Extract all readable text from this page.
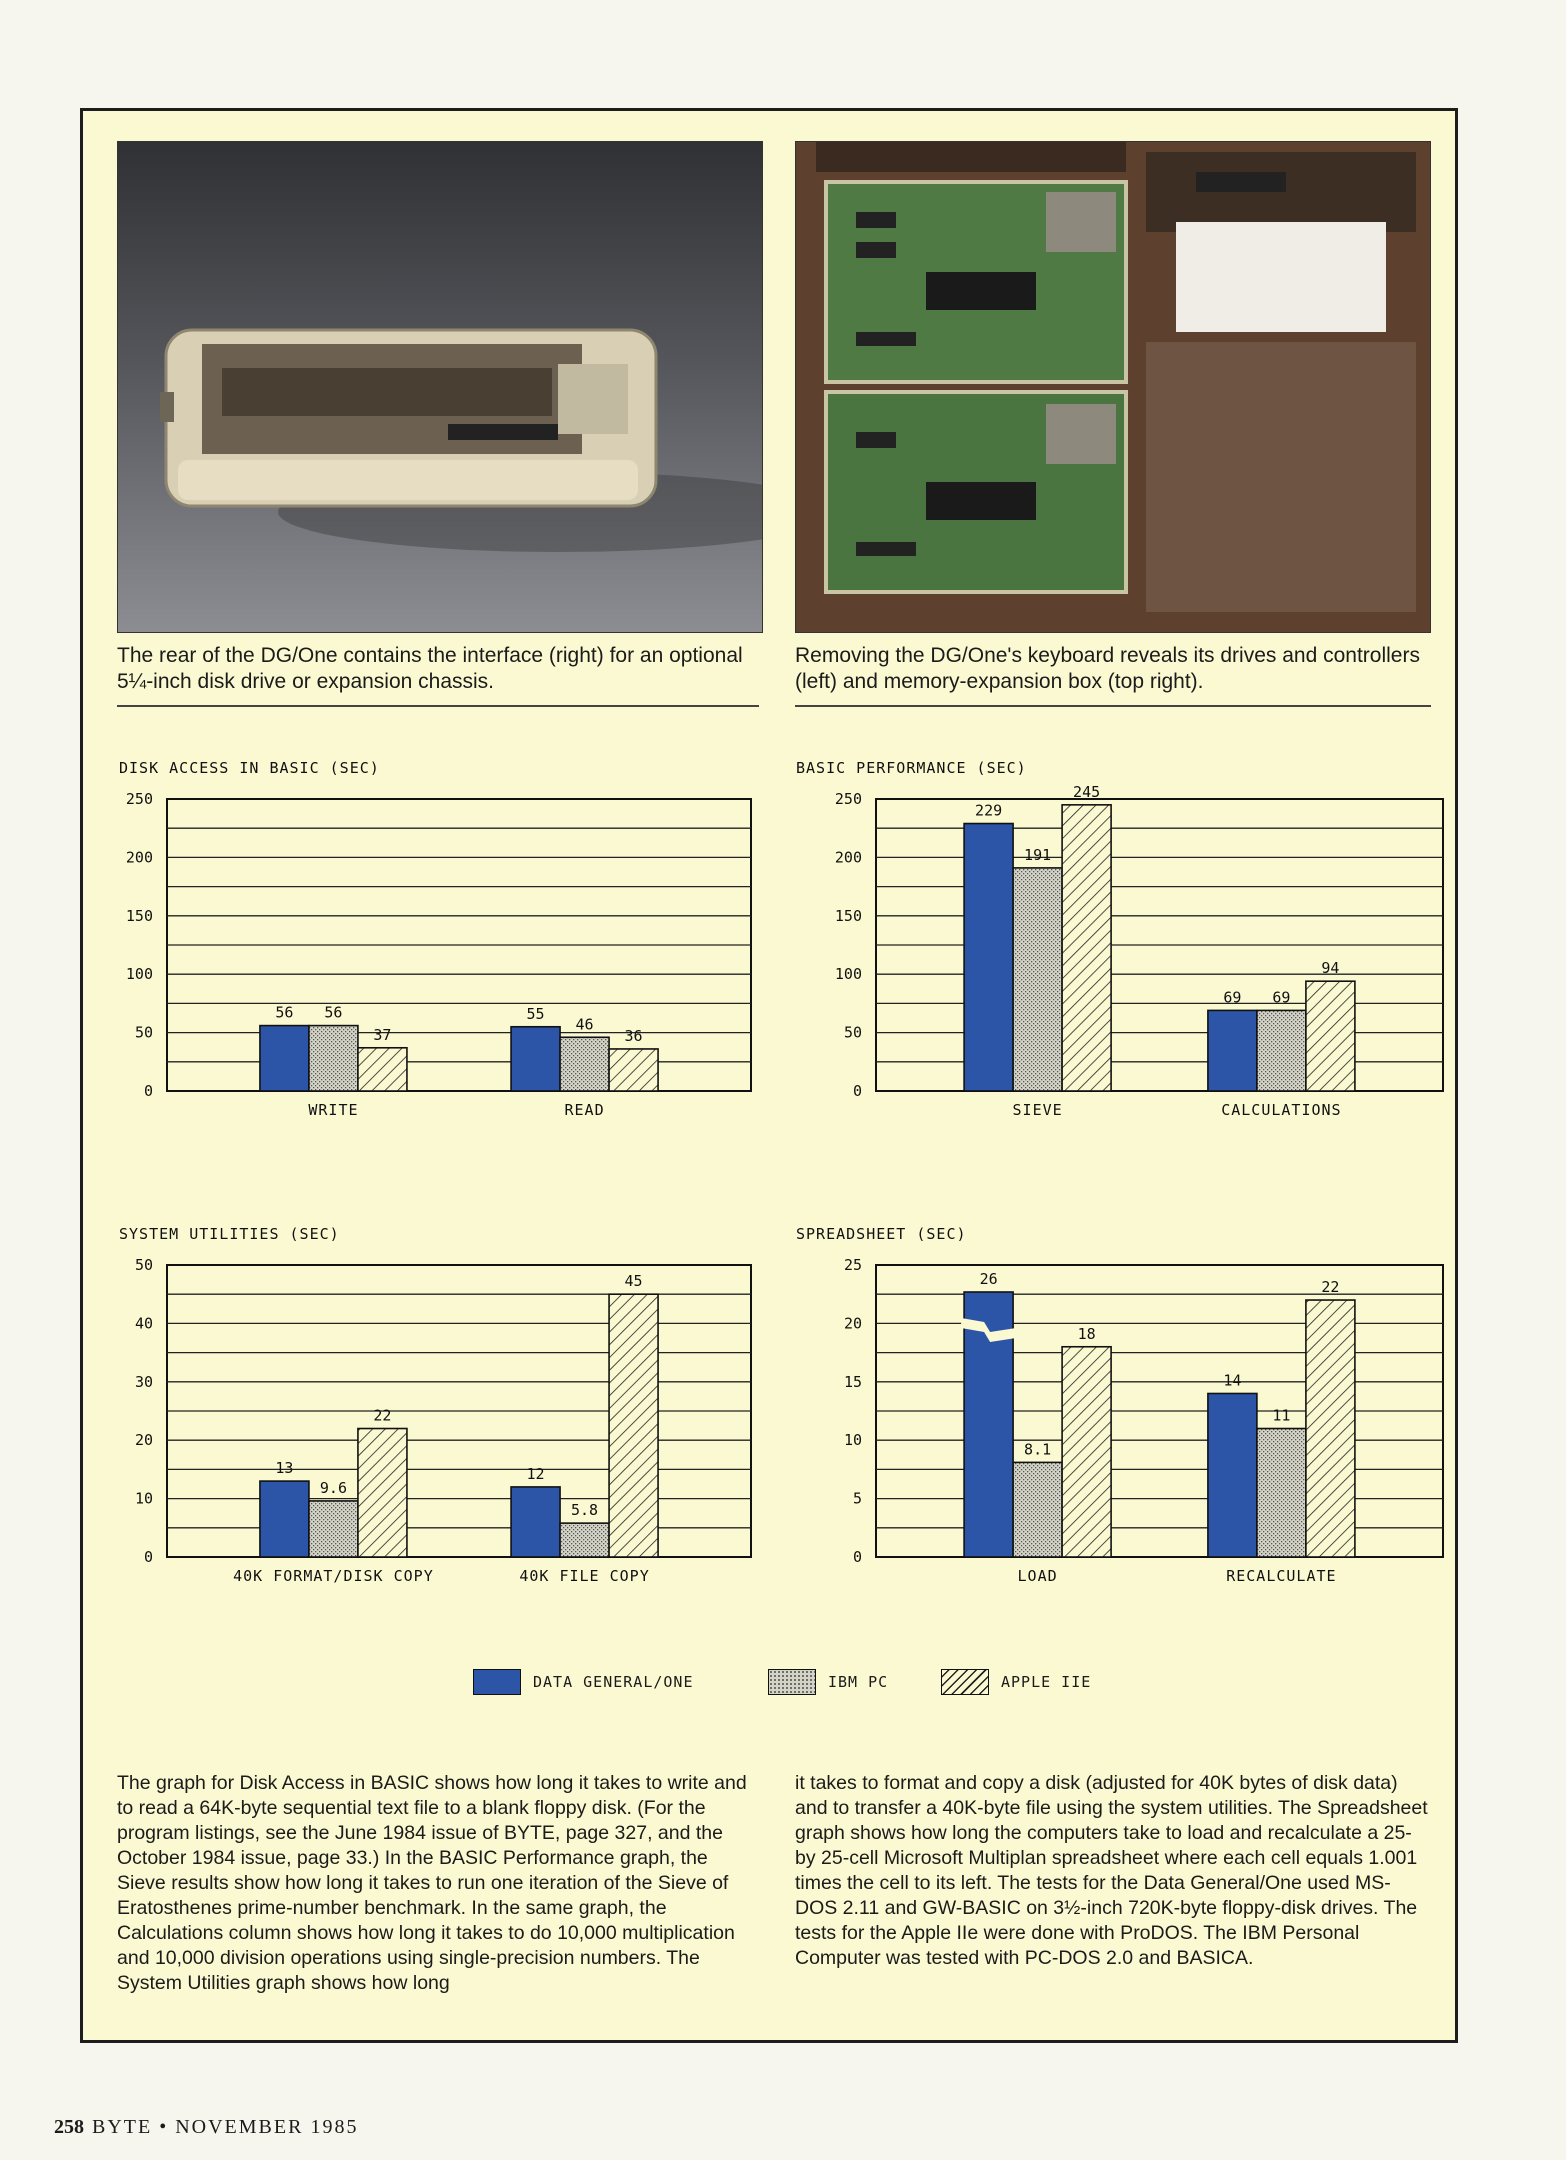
The rear of the DG/One contains the interface (right) for an optional 5¼-inch disk drive or expansion chassis.
Removing the DG/One's keyboard reveals its drives and controllers (left) and memory-expansion box (top right).
DISK ACCESS IN BASIC (SEC)	BASIC PERFORMANCE (SEC)
SYSTEM UTILITIES (SEC)	SPREADSHEET (SEC)
0
50
100
150
200
250
WRITE
56 56
37
READ
55
46
36
0
50
100
150
200
250
SIEVE
229
191
245
CALCULATIONS
69 69
94
0
10
20
30
40
50
40K FORMAT/DISK COPY
13
9.6
22
40K FILE COPY
12
5.8
45
0
5
10
15
20
25
LOAD
26
8.1
18
RECALCULATE
14
11
22
DATA GENERAL/ONE	IBM PC	APPLE IIE
The graph for Disk Access in BASIC shows how long it takes to write and to read a 64K-byte sequential text file to a blank floppy disk. (For the program listings, see the June 1984 issue of BYTE, page 327, and the October 1984 issue, page 33.) In the BASIC Performance graph, the Sieve results show how long it takes to run one iteration of the Sieve of Eratosthenes prime-number benchmark. In the same graph, the Calculations column shows how long it takes to do 10,000 multiplication and 10,000 division operations using single-precision numbers. The System Utilities graph shows how long
it takes to format and copy a disk (adjusted for 40K bytes of disk data) and to transfer a 40K-byte file using the system utilities. The Spreadsheet graph shows how long the computers take to load and recalculate a 25- by 25-cell Microsoft Multiplan spreadsheet where each cell equals 1.001 times the cell to its left. The tests for the Data General/One used MS-DOS 2.11 and GW-BASIC on 3½-inch 720K-byte floppy-disk drives. The tests for the Apple IIe were done with ProDOS. The IBM Personal Computer was tested with PC-DOS 2.0 and BASICA.
258 BYTE • NOVEMBER 1985
